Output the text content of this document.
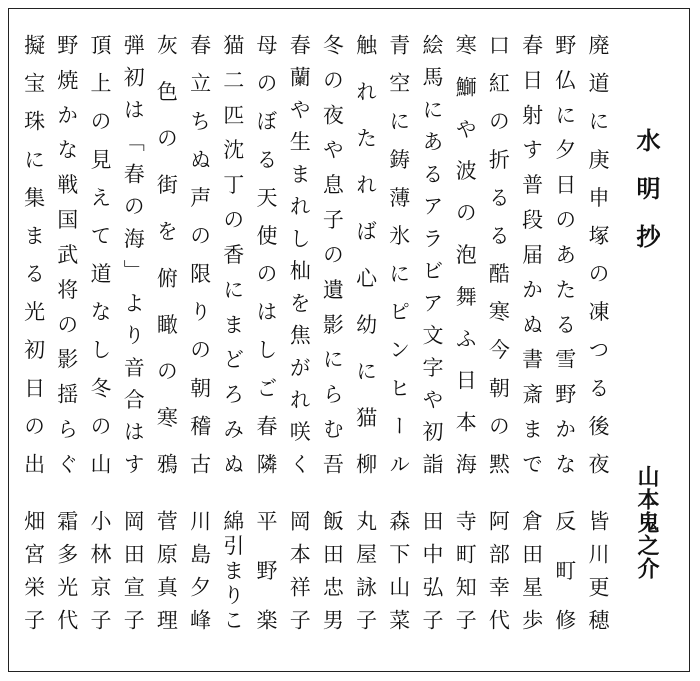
水明抄
山本鬼之介
廃道に庚申塚の凍つる後夜
皆川更穂
野仏に夕日のあたる雪野かな
反町修
春日射す普段届かぬ書斎まで
倉田星歩
口紅の折るる酷寒今朝の黙
阿部幸代
寒鰤や波の泡舞ふ日本海
寺町知子
絵馬にあるアラビア文字や初詣
田中弘子
青空に鋳薄氷にピンヒール
森下山菜
触れたれば心幼に猫柳
丸屋詠子
冬の夜や息子の遺影にらむ吾
飯田忠男
春蘭や生まれし杣を焦がれ咲く
岡本祥子
母のぼる天使のはしご春隣
平野楽
猫二匹沈丁の香にまどろみぬ
綿引まりこ
春立ちぬ声の限りの朝稽古
川島夕峰
灰色の街を俯瞰の寒鴉
菅原真理
弾初は「春の海」より音合はす
岡田宣子
頂上の見えて道なし冬の山
小林京子
野焼かな戦国武将の影揺らぐ
霜多光代
擬宝珠に集まる光初日の出
畑宮栄子
